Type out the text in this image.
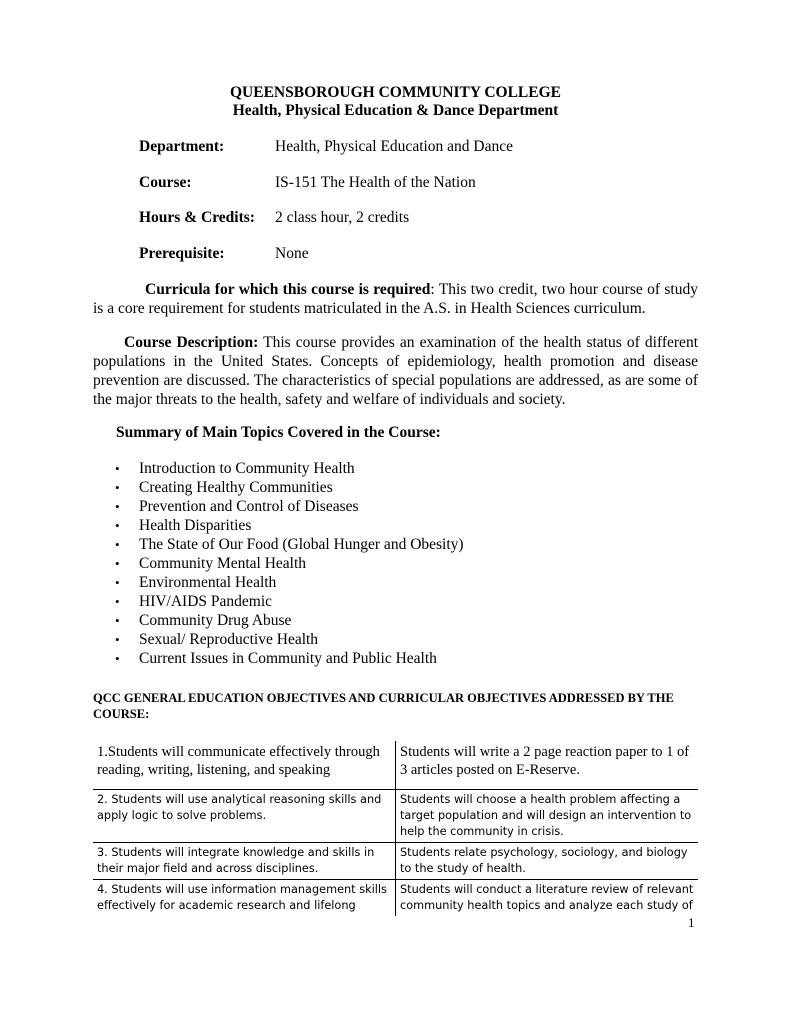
QUEENSBOROUGH COMMUNITY COLLEGE
Health, Physical Education & Dance Department
Department:	Health, Physical Education and Dance
Course:	IS-151 The Health of the Nation
Hours & Credits: 2 class hour, 2 credits
Prerequisite:	None
Curricula for which this course is required: This two credit, two hour course of study is a core requirement for students matriculated in the A.S. in Health Sciences curriculum.
Course Description: This course provides an examination of the health status of different populations in the United States. Concepts of epidemiology, health promotion and disease prevention are discussed. The characteristics of special populations are addressed, as are some of the major threats to the health, safety and welfare of individuals and society.
Summary of Main Topics Covered in the Course:
• Introduction to Community Health
• Creating Healthy Communities
• Prevention and Control of Diseases
• Health Disparities
• The State of Our Food (Global Hunger and Obesity)
• Community Mental Health
• Environmental Health
• HIV/AIDS Pandemic
• Community Drug Abuse
• Sexual/ Reproductive Health
• Current Issues in Community and Public Health
QCC GENERAL EDUCATION OBJECTIVES AND CURRICULAR OBJECTIVES ADDRESSED BY THE COURSE:
1.Students will communicate effectively through reading, writing, listening, and speaking	Students will write a 2 page reaction paper to 1 of 3 articles posted on E-Reserve.
2. Students will use analytical reasoning skills and apply logic to solve problems.	Students will choose a health problem affecting a target population and will design an intervention to help the community in crisis.
3. Students will integrate knowledge and skills in their major field and across disciplines.	Students relate psychology, sociology, and biology to the study of health.
4. Students will use information management skills effectively for academic research and lifelong	Students will conduct a literature review of relevant community health topics and analyze each study of
1
